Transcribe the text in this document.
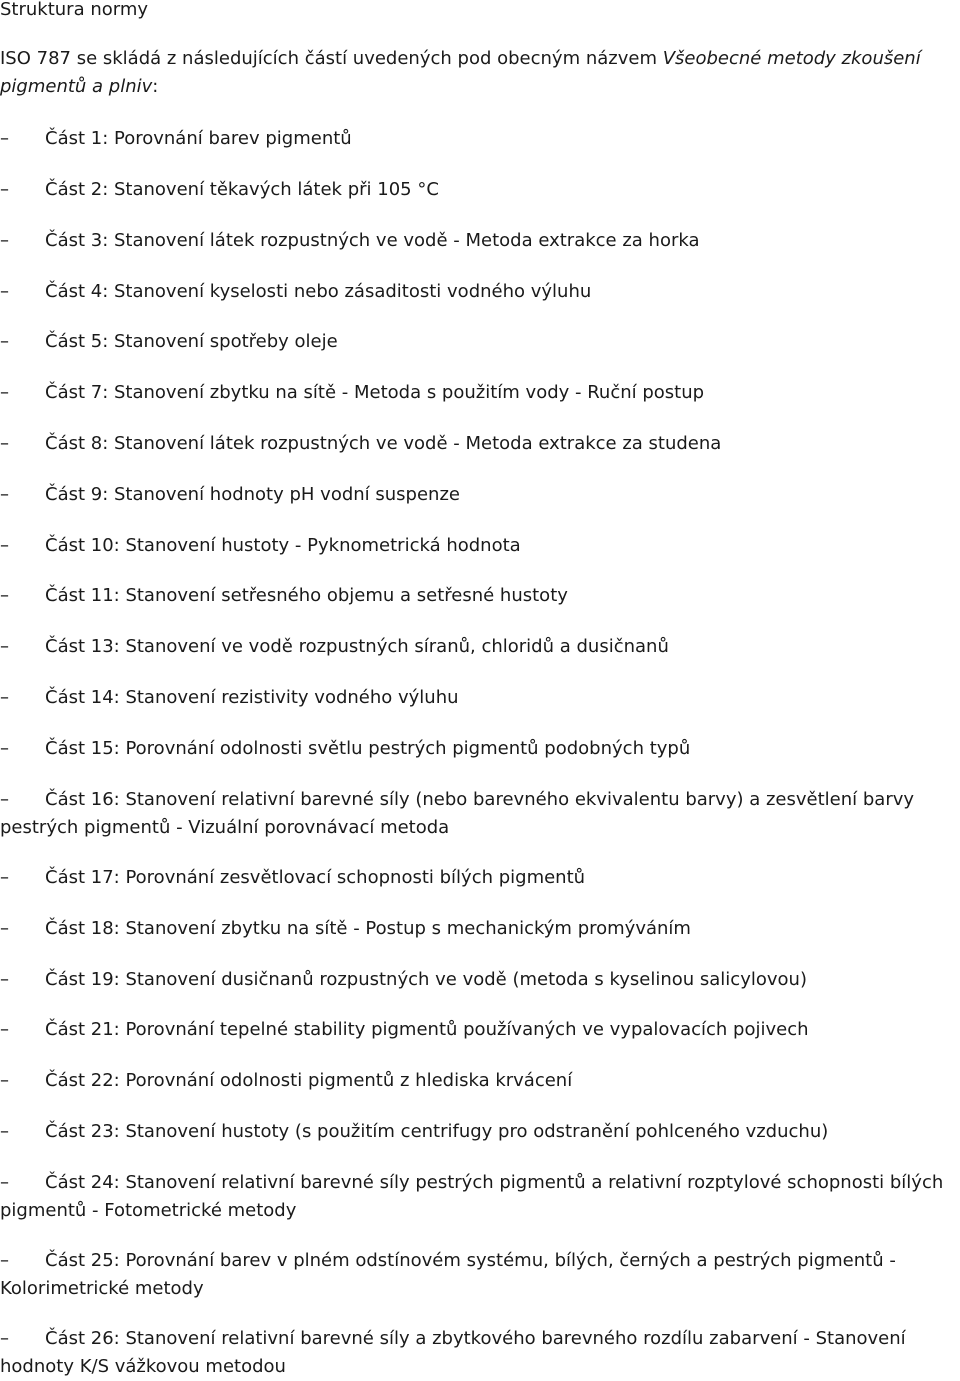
Struktura normy

ISO 787 se skládá z následujících částí uvedených pod obecným názvem Všeobecné metody zkoušení pigmentů a plniv:

– Část 1: Porovnání barev pigmentů

– Část 2: Stanovení těkavých látek při 105 °C

– Část 3: Stanovení látek rozpustných ve vodě - Metoda extrakce za horka

– Část 4: Stanovení kyselosti nebo zásaditosti vodného výluhu

– Část 5: Stanovení spotřeby oleje

– Část 7: Stanovení zbytku na sítě - Metoda s použitím vody - Ruční postup

– Část 8: Stanovení látek rozpustných ve vodě - Metoda extrakce za studena

– Část 9: Stanovení hodnoty pH vodní suspenze

– Část 10: Stanovení hustoty - Pyknometrická hodnota

– Část 11: Stanovení setřesného objemu a setřesné hustoty

– Část 13: Stanovení ve vodě rozpustných síranů, chloridů a dusičnanů

– Část 14: Stanovení rezistivity vodného výluhu

– Část 15: Porovnání odolnosti světlu pestrých pigmentů podobných typů

– Část 16: Stanovení relativní barevné síly (nebo barevného ekvivalentu barvy) a zesvětlení barvy pestrých pigmentů - Vizuální porovnávací metoda

– Část 17: Porovnání zesvětlovací schopnosti bílých pigmentů

– Část 18: Stanovení zbytku na sítě - Postup s mechanickým promýváním

– Část 19: Stanovení dusičnanů rozpustných ve vodě (metoda s kyselinou salicylovou)

– Část 21: Porovnání tepelné stability pigmentů používaných ve vypalovacích pojivech

– Část 22: Porovnání odolnosti pigmentů z hlediska krvácení

– Část 23: Stanovení hustoty (s použitím centrifugy pro odstranění pohlceného vzduchu)

– Část 24: Stanovení relativní barevné síly pestrých pigmentů a relativní rozptylové schopnosti bílých pigmentů - Fotometrické metody

– Část 25: Porovnání barev v plném odstínovém systému, bílých, černých a pestrých pigmentů - Kolorimetrické metody

– Část 26: Stanovení relativní barevné síly a zbytkového barevného rozdílu zabarvení - Stanovení hodnoty K/S vážkovou metodou
